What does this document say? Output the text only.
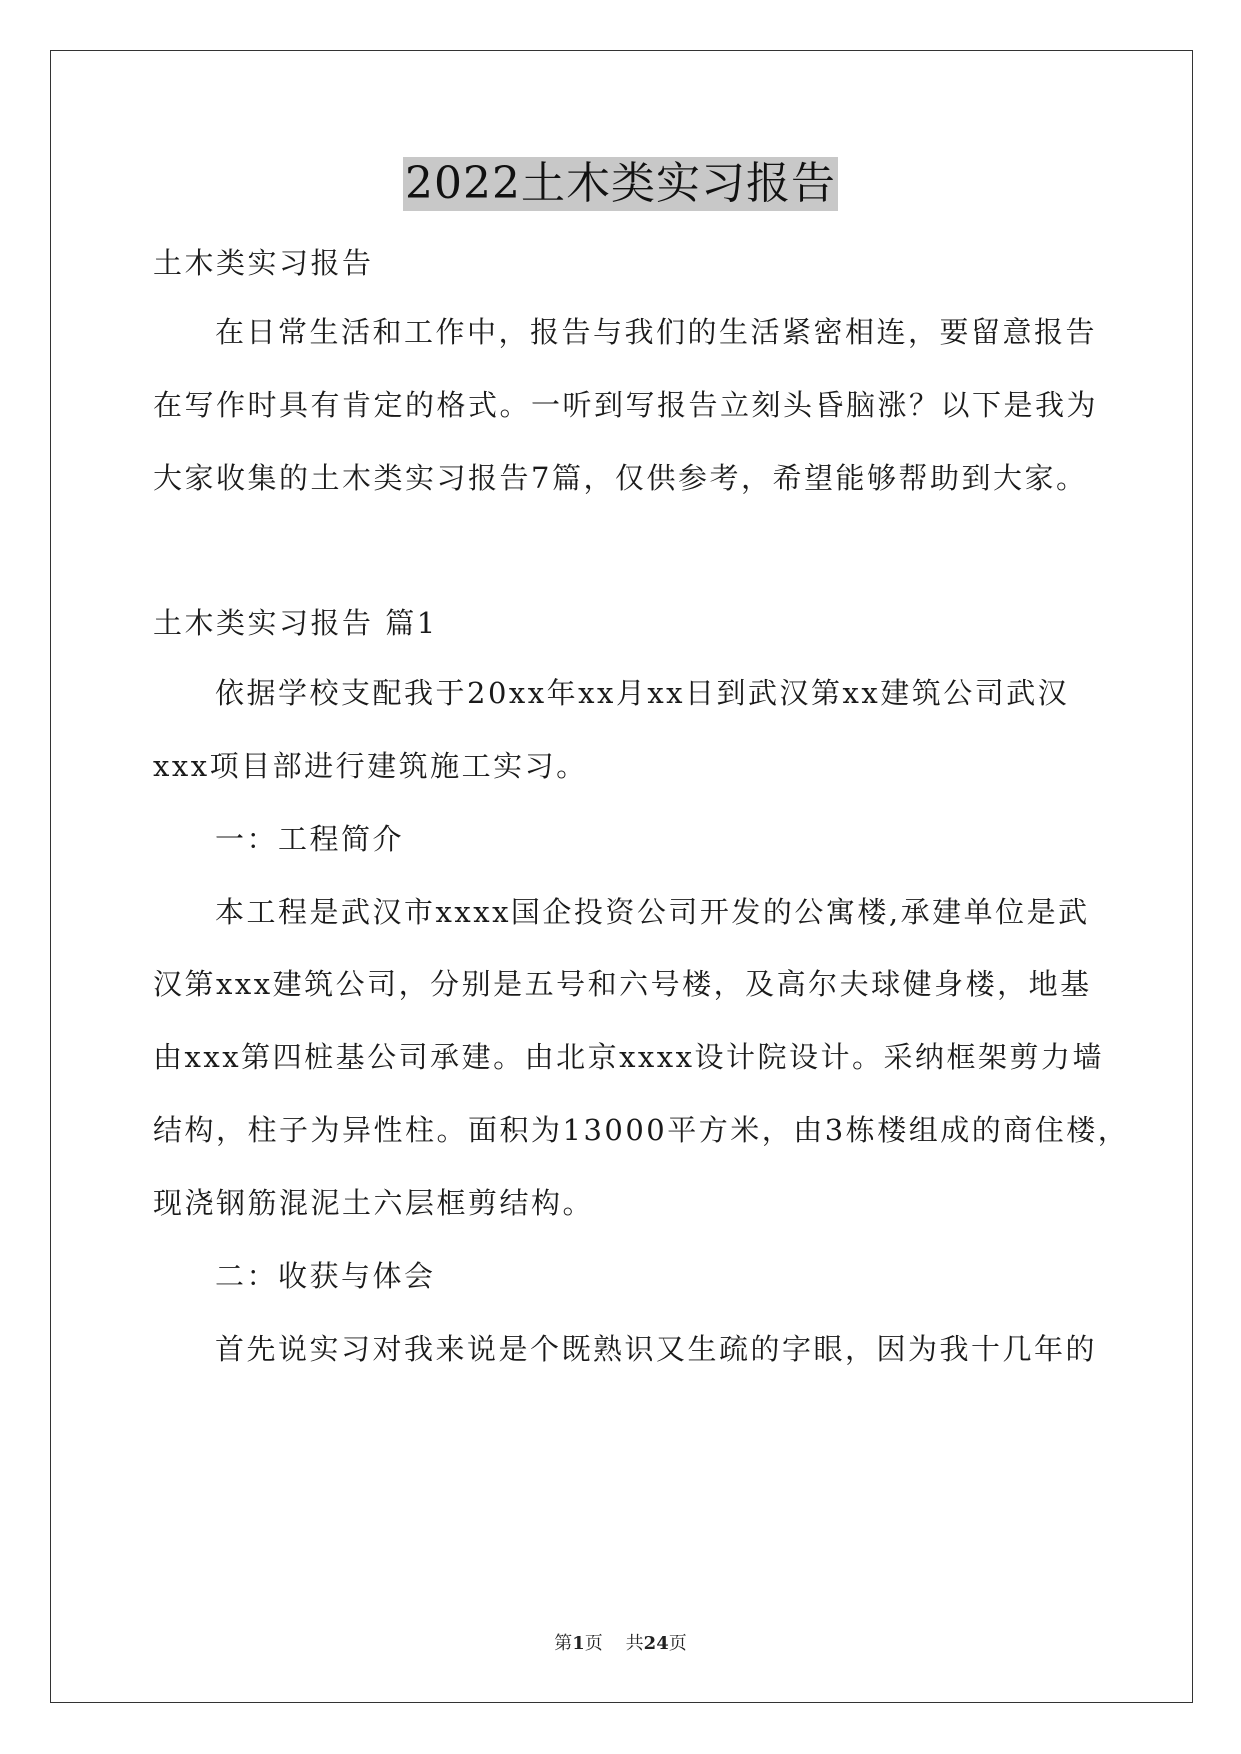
2022土木类实习报告
土木类实习报告
在日常生活和工作中，报告与我们的生活紧密相连，要留意报告
在写作时具有肯定的格式。一听到写报告立刻头昏脑涨？以下是我为
大家收集的土木类实习报告7篇，仅供参考，希望能够帮助到大家。
土木类实习报告 篇1
依据学校支配我于20xx年xx月xx日到武汉第xx建筑公司武汉
xxx项目部进行建筑施工实习。
一：工程简介
本工程是武汉市xxxx国企投资公司开发的公寓楼,承建单位是武
汉第xxx建筑公司，分别是五号和六号楼，及高尔夫球健身楼，地基
由xxx第四桩基公司承建。由北京xxxx设计院设计。采纳框架剪力墙
结构，柱子为异性柱。面积为13000平方米，由3栋楼组成的商住楼，
现浇钢筋混泥土六层框剪结构。
二：收获与体会
首先说实习对我来说是个既熟识又生疏的字眼，因为我十几年的
第1页 共24页
